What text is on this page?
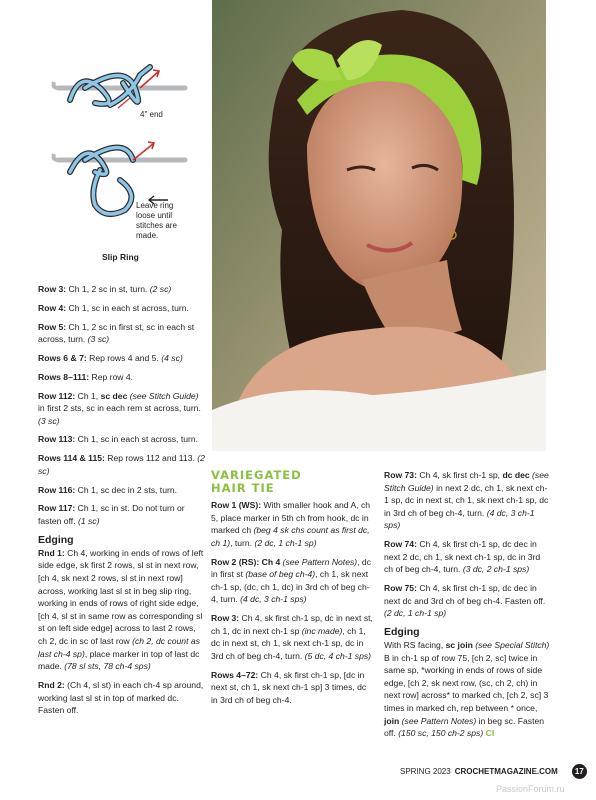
4" end
Leave ring
loose until
stitches are
made.
Slip Ring

Row 3: Ch 1, 2 sc in st, turn. (2 sc)

Row 4: Ch 1, sc in each st across, turn.

Row 5: Ch 1, 2 sc in first st, sc in each st across, turn. (3 sc)

Rows 6 & 7: Rep rows 4 and 5. (4 sc)

Rows 8–111: Rep row 4.

Row 112: Ch 1, sc dec (see Stitch Guide) in first 2 sts, sc in each rem st across, turn. (3 sc)

Row 113: Ch 1, sc in each st across, turn.

Rows 114 & 115: Rep rows 112 and 113. (2 sc)

Row 116: Ch 1, sc dec in 2 sts, turn.

Row 117: Ch 1, sc in st. Do not turn or fasten off. (1 sc)

Edging

Rnd 1: Ch 4, working in ends of rows of left side edge, sk first 2 rows, sl st in next row, [ch 4, sk next 2 rows, sl st in next row] across, working last sl st in beg slip ring, working in ends of rows of right side edge, [ch 4, sl st in same row as corresponding sl st on left side edge] across to last 2 rows, ch 2, dc in sc of last row (ch 2, dc count as last ch-4 sp), place marker in top of last dc made. (78 sl sts, 78 ch-4 sps)

Rnd 2: (Ch 4, sl st) in each ch-4 sp around, working last sl st in top of marked dc. Fasten off.

VARIEGATED
HAIR TIE

Row 1 (WS): With smaller hook and A, ch 5, place marker in 5th ch from hook, dc in marked ch (beg 4 sk chs count as first dc, ch 1), turn. (2 dc, 1 ch-1 sp)

Row 2 (RS): Ch 4 (see Pattern Notes), dc in first st (base of beg ch-4), ch 1, sk next ch-1 sp, (dc, ch 1, dc) in 3rd ch of beg ch-4, turn. (4 dc, 3 ch-1 sps)

Row 3: Ch 4, sk first ch-1 sp, dc in next st, ch 1, dc in next ch-1 sp (inc made), ch 1, dc in next st, ch 1, sk next ch-1 sp, dc in 3rd ch of beg ch-4, turn. (5 dc, 4 ch-1 sps)

Rows 4–72: Ch 4, sk first ch-1 sp, [dc in next st, ch 1, sk next ch-1 sp] 3 times, dc in 3rd ch of beg ch-4.

Row 73: Ch 4, sk first ch-1 sp, dc dec (see Stitch Guide) in next 2 dc, ch 1, sk next ch-1 sp, dc in next st, ch 1, sk next ch-1 sp, dc in 3rd ch of beg ch-4, turn. (4 dc, 3 ch-1 sps)

Row 74: Ch 4, sk first ch-1 sp, dc dec in next 2 dc, ch 1, sk next ch-1 sp, dc in 3rd ch of beg ch-4, turn. (3 dc, 2 ch-1 sps)

Row 75: Ch 4, sk first ch-1 sp, dc dec in next dc and 3rd ch of beg ch-4. Fasten off. (2 dc, 1 ch-1 sp)

Edging

With RS facing, sc join (see Special Stitch) B in ch-1 sp of row 75, [ch 2, sc] twice in same sp, *working in ends of rows of side edge, [ch 2, sk next row, (sc, ch 2, ch) in next row] across* to marked ch, [ch 2, sc] 3 times in marked ch, rep between * once, join (see Pattern Notes) in beg sc. Fasten off. (150 sc, 150 ch-2 sps) CI

SPRING 2023 CROCHETMAGAZINE.COM	17
PassionForum.ru
